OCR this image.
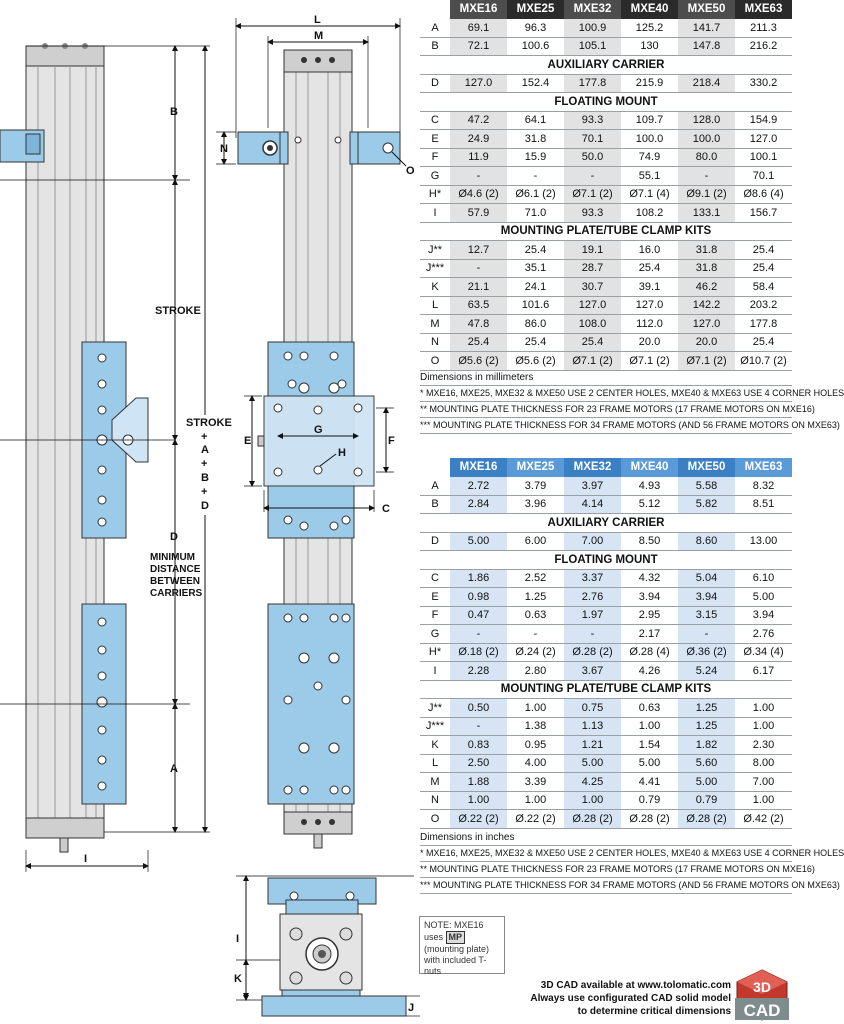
B
STROKE
D
MINIMUM
DISTANCE
BETWEEN
CARRIERS
A
STROKE
+
A
+
B
+
D
I
L
M
N
O
E	F
G
H
C
I
K
J
	MXE16	MXE25	MXE32	MXE40	MXE50	MXE63
A	69.1	96.3	100.9	125.2	141.7	211.3
B	72.1	100.6	105.1	130	147.8	216.2
AUXILIARY CARRIER						
D	127.0	152.4	177.8	215.9	218.4	330.2
FLOATING MOUNT						
C	47.2	64.1	93.3	109.7	128.0	154.9
E	24.9	31.8	70.1	100.0	100.0	127.0
F	11.9	15.9	50.0	74.9	80.0	100.1
G	-	-	-	55.1	-	70.1
H*	Ø4.6 (2)	Ø6.1 (2)	Ø7.1 (2)	Ø7.1 (4)	Ø9.1 (2)	Ø8.6 (4)
I	57.9	71.0	93.3	108.2	133.1	156.7
MOUNTING PLATE/TUBE CLAMP KITS						
J**	12.7	25.4	19.1	16.0	31.8	25.4
J***	-	35.1	28.7	25.4	31.8	25.4
K	21.1	24.1	30.7	39.1	46.2	58.4
L	63.5	101.6	127.0	127.0	142.2	203.2
M	47.8	86.0	108.0	112.0	127.0	177.8
N	25.4	25.4	25.4	20.0	20.0	25.4
O	Ø5.6 (2)	Ø5.6 (2)	Ø7.1 (2)	Ø7.1 (2)	Ø7.1 (2)	Ø10.7 (2)
Dimensions in millimeters
* MXE16, MXE25, MXE32 & MXE50 USE 2 CENTER HOLES, MXE40 & MXE63 USE 4 CORNER HOLES
** MOUNTING PLATE THICKNESS FOR 23 FRAME MOTORS (17 FRAME MOTORS ON MXE16)
*** MOUNTING PLATE THICKNESS FOR 34 FRAME MOTORS (AND 56 FRAME MOTORS ON MXE63)
	MXE16	MXE25	MXE32	MXE40	MXE50	MXE63
A	2.72	3.79	3.97	4.93	5.58	8.32
B	2.84	3.96	4.14	5.12	5.82	8.51
AUXILIARY CARRIER						
D	5.00	6.00	7.00	8.50	8.60	13.00
FLOATING MOUNT						
C	1.86	2.52	3.37	4.32	5.04	6.10
E	0.98	1.25	2.76	3.94	3.94	5.00
F	0.47	0.63	1.97	2.95	3.15	3.94
G	-	-	-	2.17	-	2.76
H*	Ø.18 (2)	Ø.24 (2)	Ø.28 (2)	Ø.28 (4)	Ø.36 (2)	Ø.34 (4)
I	2.28	2.80	3.67	4.26	5.24	6.17
MOUNTING PLATE/TUBE CLAMP KITS						
J**	0.50	1.00	0.75	0.63	1.25	1.00
J***	-	1.38	1.13	1.00	1.25	1.00
K	0.83	0.95	1.21	1.54	1.82	2.30
L	2.50	4.00	5.00	5.00	5.60	8.00
M	1.88	3.39	4.25	4.41	5.00	7.00
N	1.00	1.00	1.00	0.79	0.79	1.00
O	Ø.22 (2)	Ø.22 (2)	Ø.28 (2)	Ø.28 (2)	Ø.28 (2)	Ø.42 (2)
Dimensions in inches
* MXE16, MXE25, MXE32 & MXE50 USE 2 CENTER HOLES, MXE40 & MXE63 USE 4 CORNER HOLES
** MOUNTING PLATE THICKNESS FOR 23 FRAME MOTORS (17 FRAME MOTORS ON MXE16)
*** MOUNTING PLATE THICKNESS FOR 34 FRAME MOTORS (AND 56 FRAME MOTORS ON MXE63)
NOTE: MXE16
uses MP
(mounting plate)
with included T-nuts
3D CAD available at www.tolomatic.com
Always use configurated CAD solid model
to determine critical dimensions
3D
CAD
